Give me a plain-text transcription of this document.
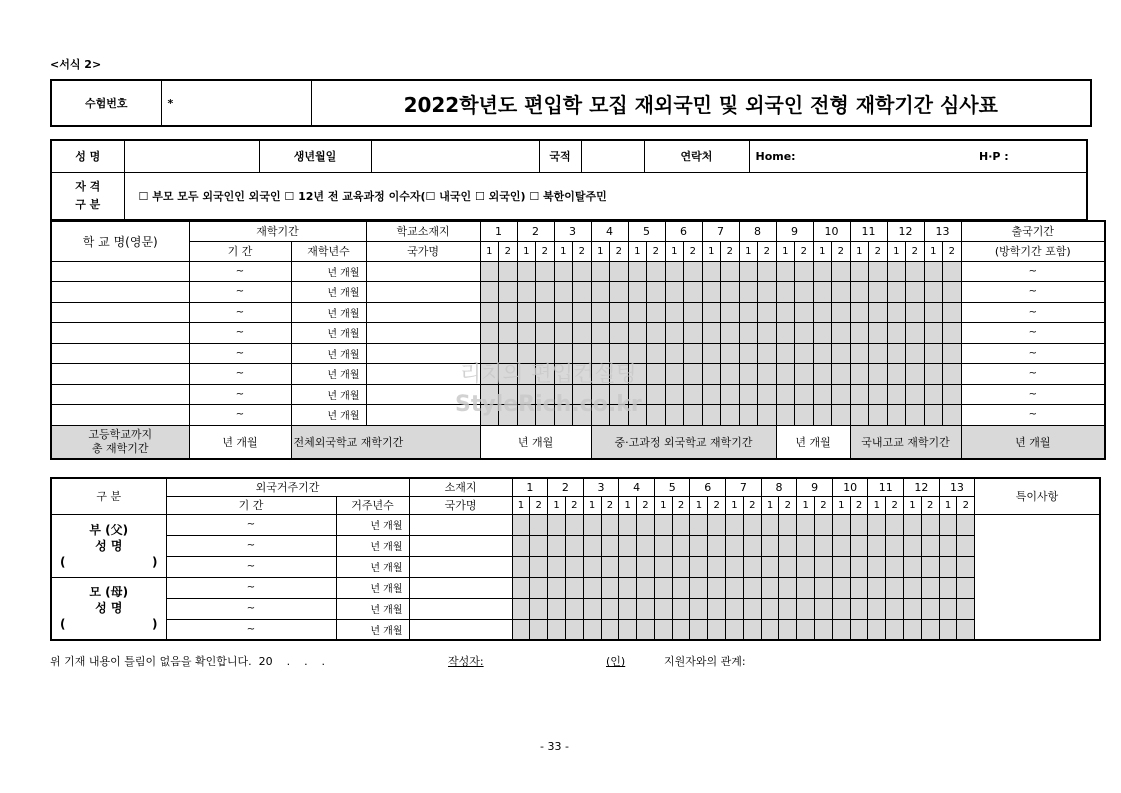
<서식 2>
수험번호	*	2022학년도 편입학 모집 재외국민 및 외국인 전형 재학기간 심사표
성 명		생년월일		국적		연락처	Home:	H·P :

자 격
구 분	☐ 부모 모두 외국인인 외국인 ☐ 12년 전 교육과정 이수자(☐ 내국인 ☐ 외국인) ☐ 북한이탈주민							
학 교 명(영문)	재학기간		학교소재지	1		2		3		4		5		6		7		8		9		10		11		12		13		출국기간
	기 간	재학년수	국가명	1	2	1	2	1	2	1	2	1	2	1	2	1	2	1	2	1	2	1	2	1	2	1	2	1	2	(방학기간 포함)
	~	년 개월																												~
	~	년 개월																												~
	~	년 개월																												~
	~	년 개월																												~
	~	년 개월																												~
	~	년 개월																												~
	~	년 개월																												~
	~	년 개월																												~

고등학교까지
총 재학기간	년 개월	전체외국학교 재학기간		년 개월						중·고과정 외국학교 재학기간										년 개월				국내고교 재학기간						년 개월
구 분	외국거주기간		소재지	1		2		3		4		5		6		7		8		9		10		11		12		13		특이사항
	기 간	거주년수	국가명	1	2	1	2	1	2	1	2	1	2	1	2	1	2	1	2	1	2	1	2	1	2	1	2	1	2	

부 (父)
성 명
( )	~	년 개월																												
	~	년 개월																												
	~	년 개월																												

모 (母)
성 명
( )	~	년 개월																												
	~	년 개월																												
	~	년 개월																												
위 기재 내용이 틀림이 없음을 확인합니다.  20    .    .    .	작성자:	(인)	지원자와의 관계:
- 33 -
리치의 편입컨설팅
StyleRich.co.kr
